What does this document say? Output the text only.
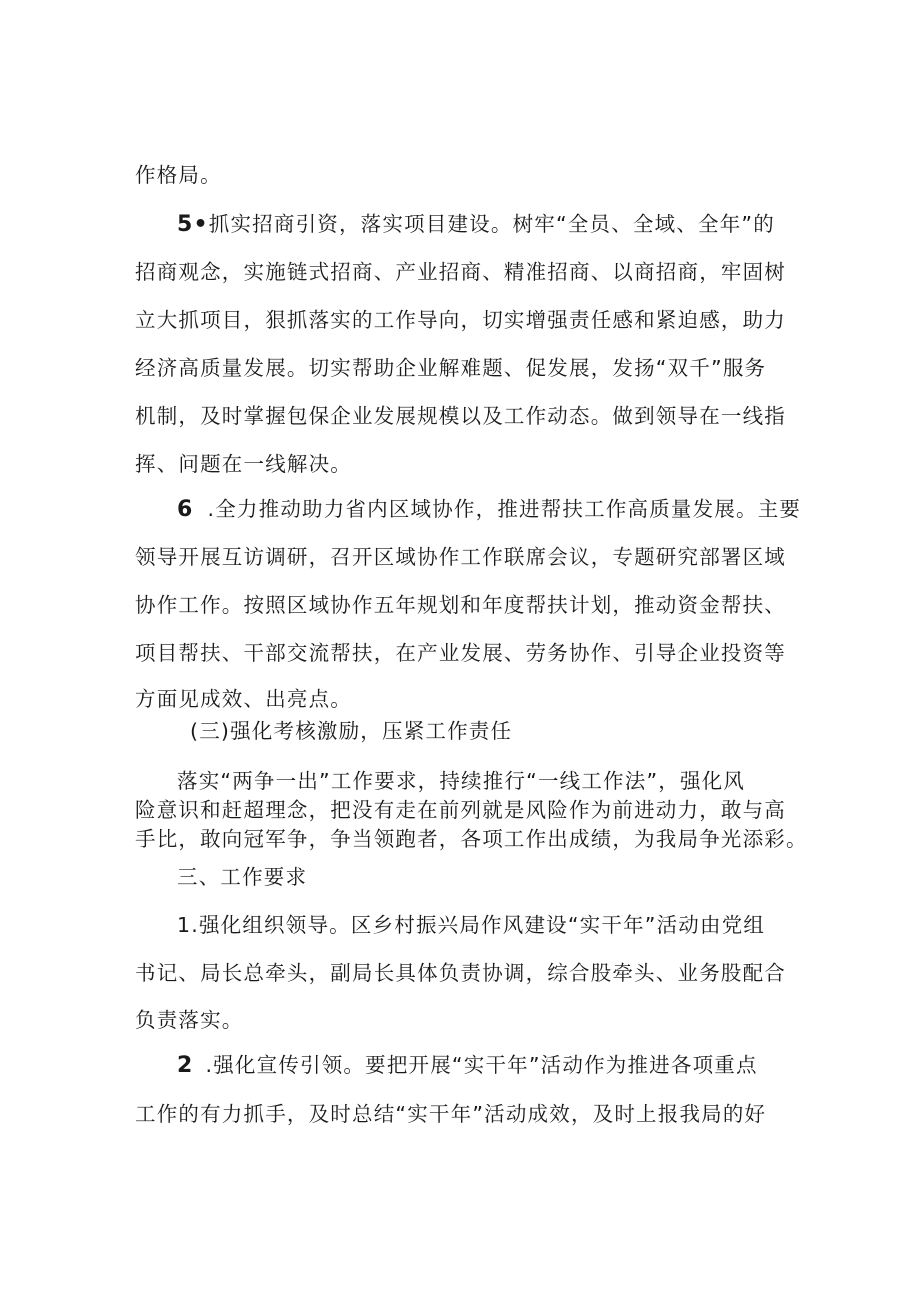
作格局。
5•抓实招商引资，落实项目建设。树牢“全员、全域、全年”的
招商观念，实施链式招商、产业招商、精准招商、以商招商，牢固树
立大抓项目，狠抓落实的工作导向，切实增强责任感和紧迫感，助力
经济高质量发展。切实帮助企业解难题、促发展，发扬“双千”服务
机制，及时掌握包保企业发展规模以及工作动态。做到领导在一线指
挥、问题在一线解决。
6 .全力推动助力省内区域协作，推进帮扶工作高质量发展。主要
领导开展互访调研，召开区域协作工作联席会议，专题研究部署区域
协作工作。按照区域协作五年规划和年度帮扶计划，推动资金帮扶、
项目帮扶、干部交流帮扶，在产业发展、劳务协作、引导企业投资等
方面见成效、出亮点。
(三)强化考核激励，压紧工作责任
落实“两争一出”工作要求，持续推行“一线工作法”，强化风
险意识和赶超理念，把没有走在前列就是风险作为前进动力，敢与高
手比，敢向冠军争，争当领跑者，各项工作出成绩，为我局争光添彩。
三、工作要求
1.强化组织领导。区乡村振兴局作风建设“实干年”活动由党组
书记、局长总牵头，副局长具体负责协调，综合股牵头、业务股配合
负责落实。
2 .强化宣传引领。要把开展“实干年”活动作为推进各项重点
工作的有力抓手，及时总结“实干年”活动成效，及时上报我局的好
